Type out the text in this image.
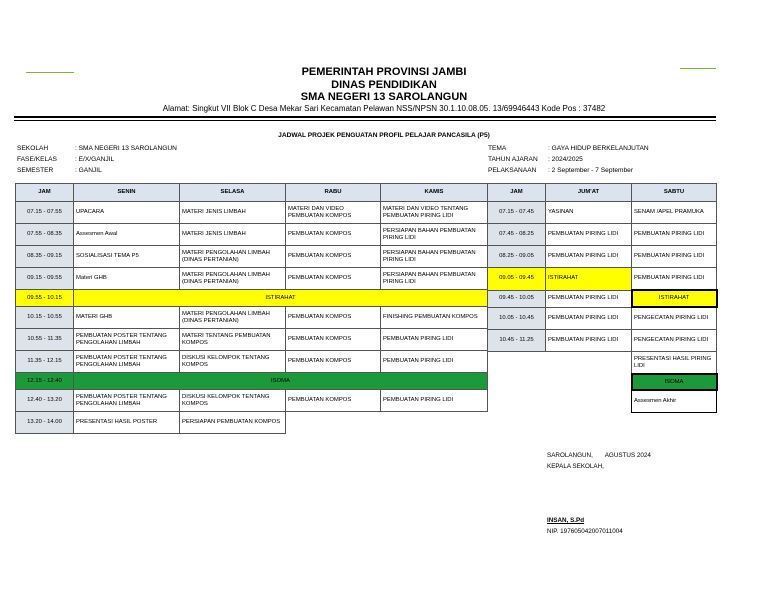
PEMERINTAH PROVINSI JAMBI
DINAS PENDIDIKAN
SMA NEGERI 13 SAROLANGUN
Alamat: Singkut VII Blok C Desa Mekar Sari Kecamatan Pelawan NSS/NPSN 30.1.10.08.05. 13/69946443 Kode Pos : 37482
JADWAL PROJEK PENGUATAN PROFIL PELAJAR PANCASILA (P5)
SEKOLAH	: SMA NEGERI 13 SAROLANGUN
FASE/KELAS	: E/X/GANJIL
SEMESTER	: GANJIL
TEMA	: GAYA HIDUP BERKELANJUTAN
TAHUN AJARAN : 2024/2025
PELAKSANAAN : 2 September - 7 September
JAM	SENIN	SELASA	RABU	KAMIS
07.15 - 07.55	UPACARA	MATERI JENIS LIMBAH	MATERI DAN VIDEO PEMBUATAN KOMPOS	MATERI DAN VIDEO TENTANG PEMBUATAN PIRING LIDI
07.55 - 08.35	Assesmen Awal	MATERI JENIS LIMBAH	PEMBUATAN KOMPOS	PERSIAPAN BAHAN PEMBUATAN PIRING LIDI
08.35 - 09.15	SOSIALISASI TEMA P5	MATERI PENGOLAHAN LIMBAH (DINAS PERTANIAN)	PEMBUATAN KOMPOS	PERSIAPAN BAHAN PEMBUATAN PIRING LIDI
09.15 - 09.55	Materi GHB	MATERI PENGOLAHAN LIMBAH (DINAS PERTANIAN)	PEMBUATAN KOMPOS	PERSIAPAN BAHAN PEMBUATAN PIRING LIDI
09.55 - 10.15	ISTIRAHAT			
10.15 - 10.55	MATERI GHB	MATERI PENGOLAHAN LIMBAH (DINAS PERTANIAN)	PEMBUATAN KOMPOS	FINISHING PEMBUATAN KOMPOS
10.55 - 11.35	PEMBUATAN POSTER TENTANG PENGOLAHAN LIMBAH	MATERI TENTANG PEMBUATAN KOMPOS	PEMBUATAN KOMPOS	PEMBUATAN PIRING LIDI
11.35 - 12.15	PEMBUATAN POSTER TENTANG PENGOLAHAN LIMBAH	DISKUSI KELOMPOK TENTANG KOMPOS	PEMBUATAN KOMPOS	PEMBUATAN PIRING LIDI
12.15 - 12.40	ISOMA			
12.40 - 13.20	PEMBUATAN POSTER TENTANG PENGOLAHAN LIMBAH	DISKUSI KELOMPOK TENTANG KOMPOS	PEMBUATAN KOMPOS	PEMBUATAN PIRING LIDI
13.20 - 14.00	PRESENTASI HASIL POSTER	PERSIAPAN PEMBUATAN KOMPOS		
JAM	JUM'AT	SABTU
07.15 - 07.45	YASINAN	SENAM /APEL PRAMUKA
07.45 - 08.25	PEMBUATAN PIRING LIDI	PEMBUATAN PIRING LIDI
08.25 - 09.05	PEMBUATAN PIRING LIDI	PEMBUATAN PIRING LIDI
09.05 - 09.45	ISTIRAHAT	PEMBUATAN PIRING LIDI
09.45 - 10.05	PEMBUATAN PIRING LIDI	ISTIRAHAT
10.05 - 10.45	PEMBUATAN PIRING LIDI	PENGECATAN PIRING LIDI
10.45 - 11.25	PEMBUATAN PIRING LIDI	PENGECATAN PIRING LIDI
		PRESENTASI HASIL PIRING LIDI
		ISOMA
		Assesmen Akhir
SAROLANGUN,       AGUSTUS 2024
KEPALA SEKOLAH,
INSAN, S.Pd
NIP. 197605042007011004
